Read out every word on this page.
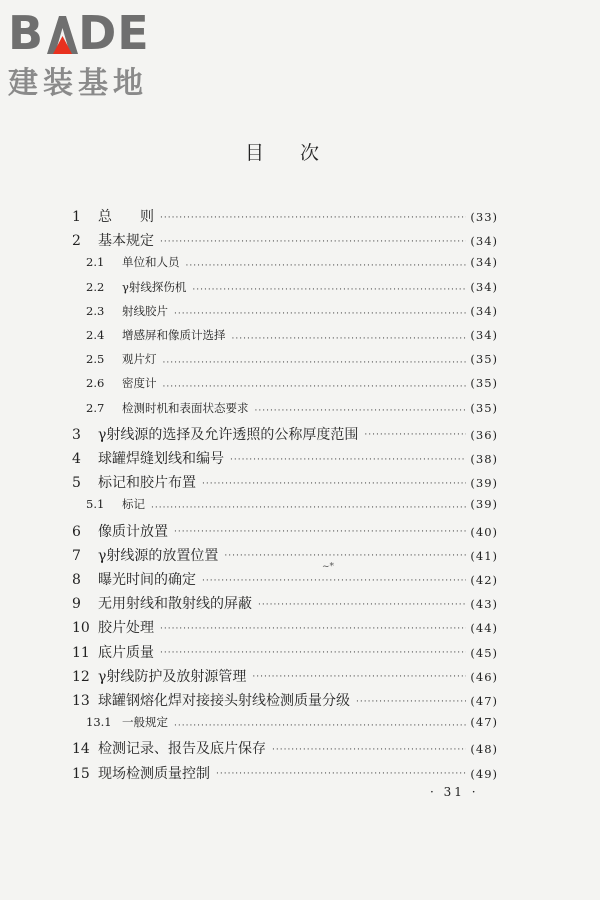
B D E
建装基地
目次
1	总　　则 ·····	(33)
2	基本规定 ·····	(34)
2.1	单位和人员 ·····	(34)
2.2	γ射线探伤机 ·····	(34)
2.3	射线胶片 ·····	(34)
2.4	增感屏和像质计选择 ·····	(34)
2.5	观片灯 ·····	(35)
2.6	密度计 ·····	(35)
2.7	检测时机和表面状态要求 ·····	(35)
3	γ射线源的选择及允许透照的公称厚度范围 ·····	(36)
4	球罐焊缝划线和编号 ·····	(38)
5	标记和胶片布置 ·····	(39)
5.1	标记 ·····	(39)
6	像质计放置 ·····	(40)
7	γ射线源的放置位置 ·····	(41)
8	曝光时间的确定 ·····	(42)
9	无用射线和散射线的屏蔽 ·····	(43)
10 胶片处理 ·····	(44)
11 底片质量 ·····	(45)
12 γ射线防护及放射源管理 ·····	(46)
13 球罐钢熔化焊对接接头射线检测质量分级 ·····	(47)
13.1 一般规定 ·····	(47)
14 检测记录、报告及底片保存 ·····	(48)
15 现场检测质量控制 ·····	(49)
~*
· 31 ·
